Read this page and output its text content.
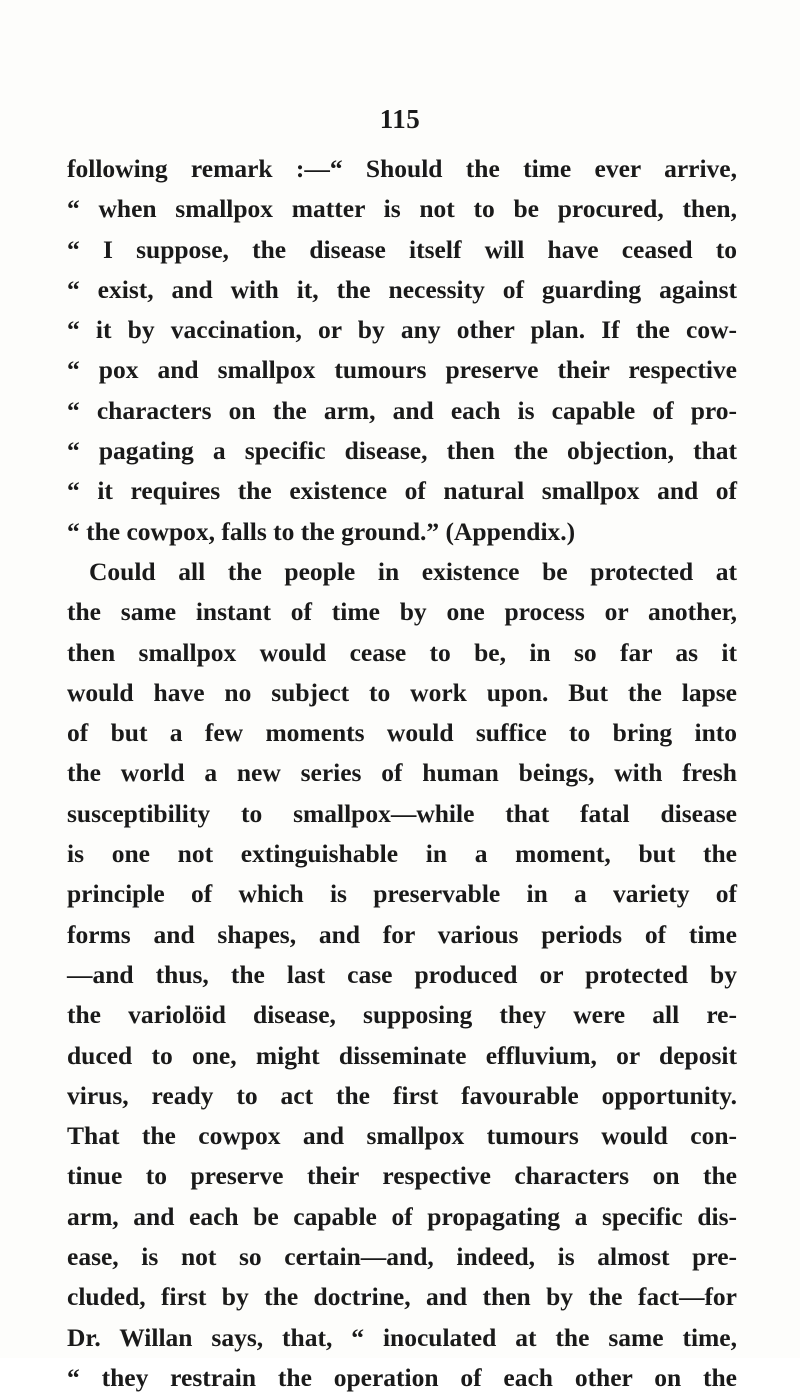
115
following remark :—“ Should the time ever arrive,
“ when smallpox matter is not to be procured, then,
“ I suppose, the disease itself will have ceased to
“ exist, and with it, the necessity of guarding against
“ it by vaccination, or by any other plan. If the cow-
“ pox and smallpox tumours preserve their respective
“ characters on the arm, and each is capable of pro-
“ pagating a specific disease, then the objection, that
“ it requires the existence of natural smallpox and of
“ the cowpox, falls to the ground.” (Appendix.)
Could all the people in existence be protected at
the same instant of time by one process or another,
then smallpox would cease to be, in so far as it
would have no subject to work upon. But the lapse
of but a few moments would suffice to bring into
the world a new series of human beings, with fresh
susceptibility to smallpox—while that fatal disease
is one not extinguishable in a moment, but the
principle of which is preservable in a variety of
forms and shapes, and for various periods of time
—and thus, the last case produced or protected by
the variolöid disease, supposing they were all re-
duced to one, might disseminate effluvium, or deposit
virus, ready to act the first favourable opportunity.
That the cowpox and smallpox tumours would con-
tinue to preserve their respective characters on the
arm, and each be capable of propagating a specific dis-
ease, is not so certain—and, indeed, is almost pre-
cluded, first by the doctrine, and then by the fact—for
Dr. Willan says, that, “ inoculated at the same time,
“ they restrain the operation of each other on the
